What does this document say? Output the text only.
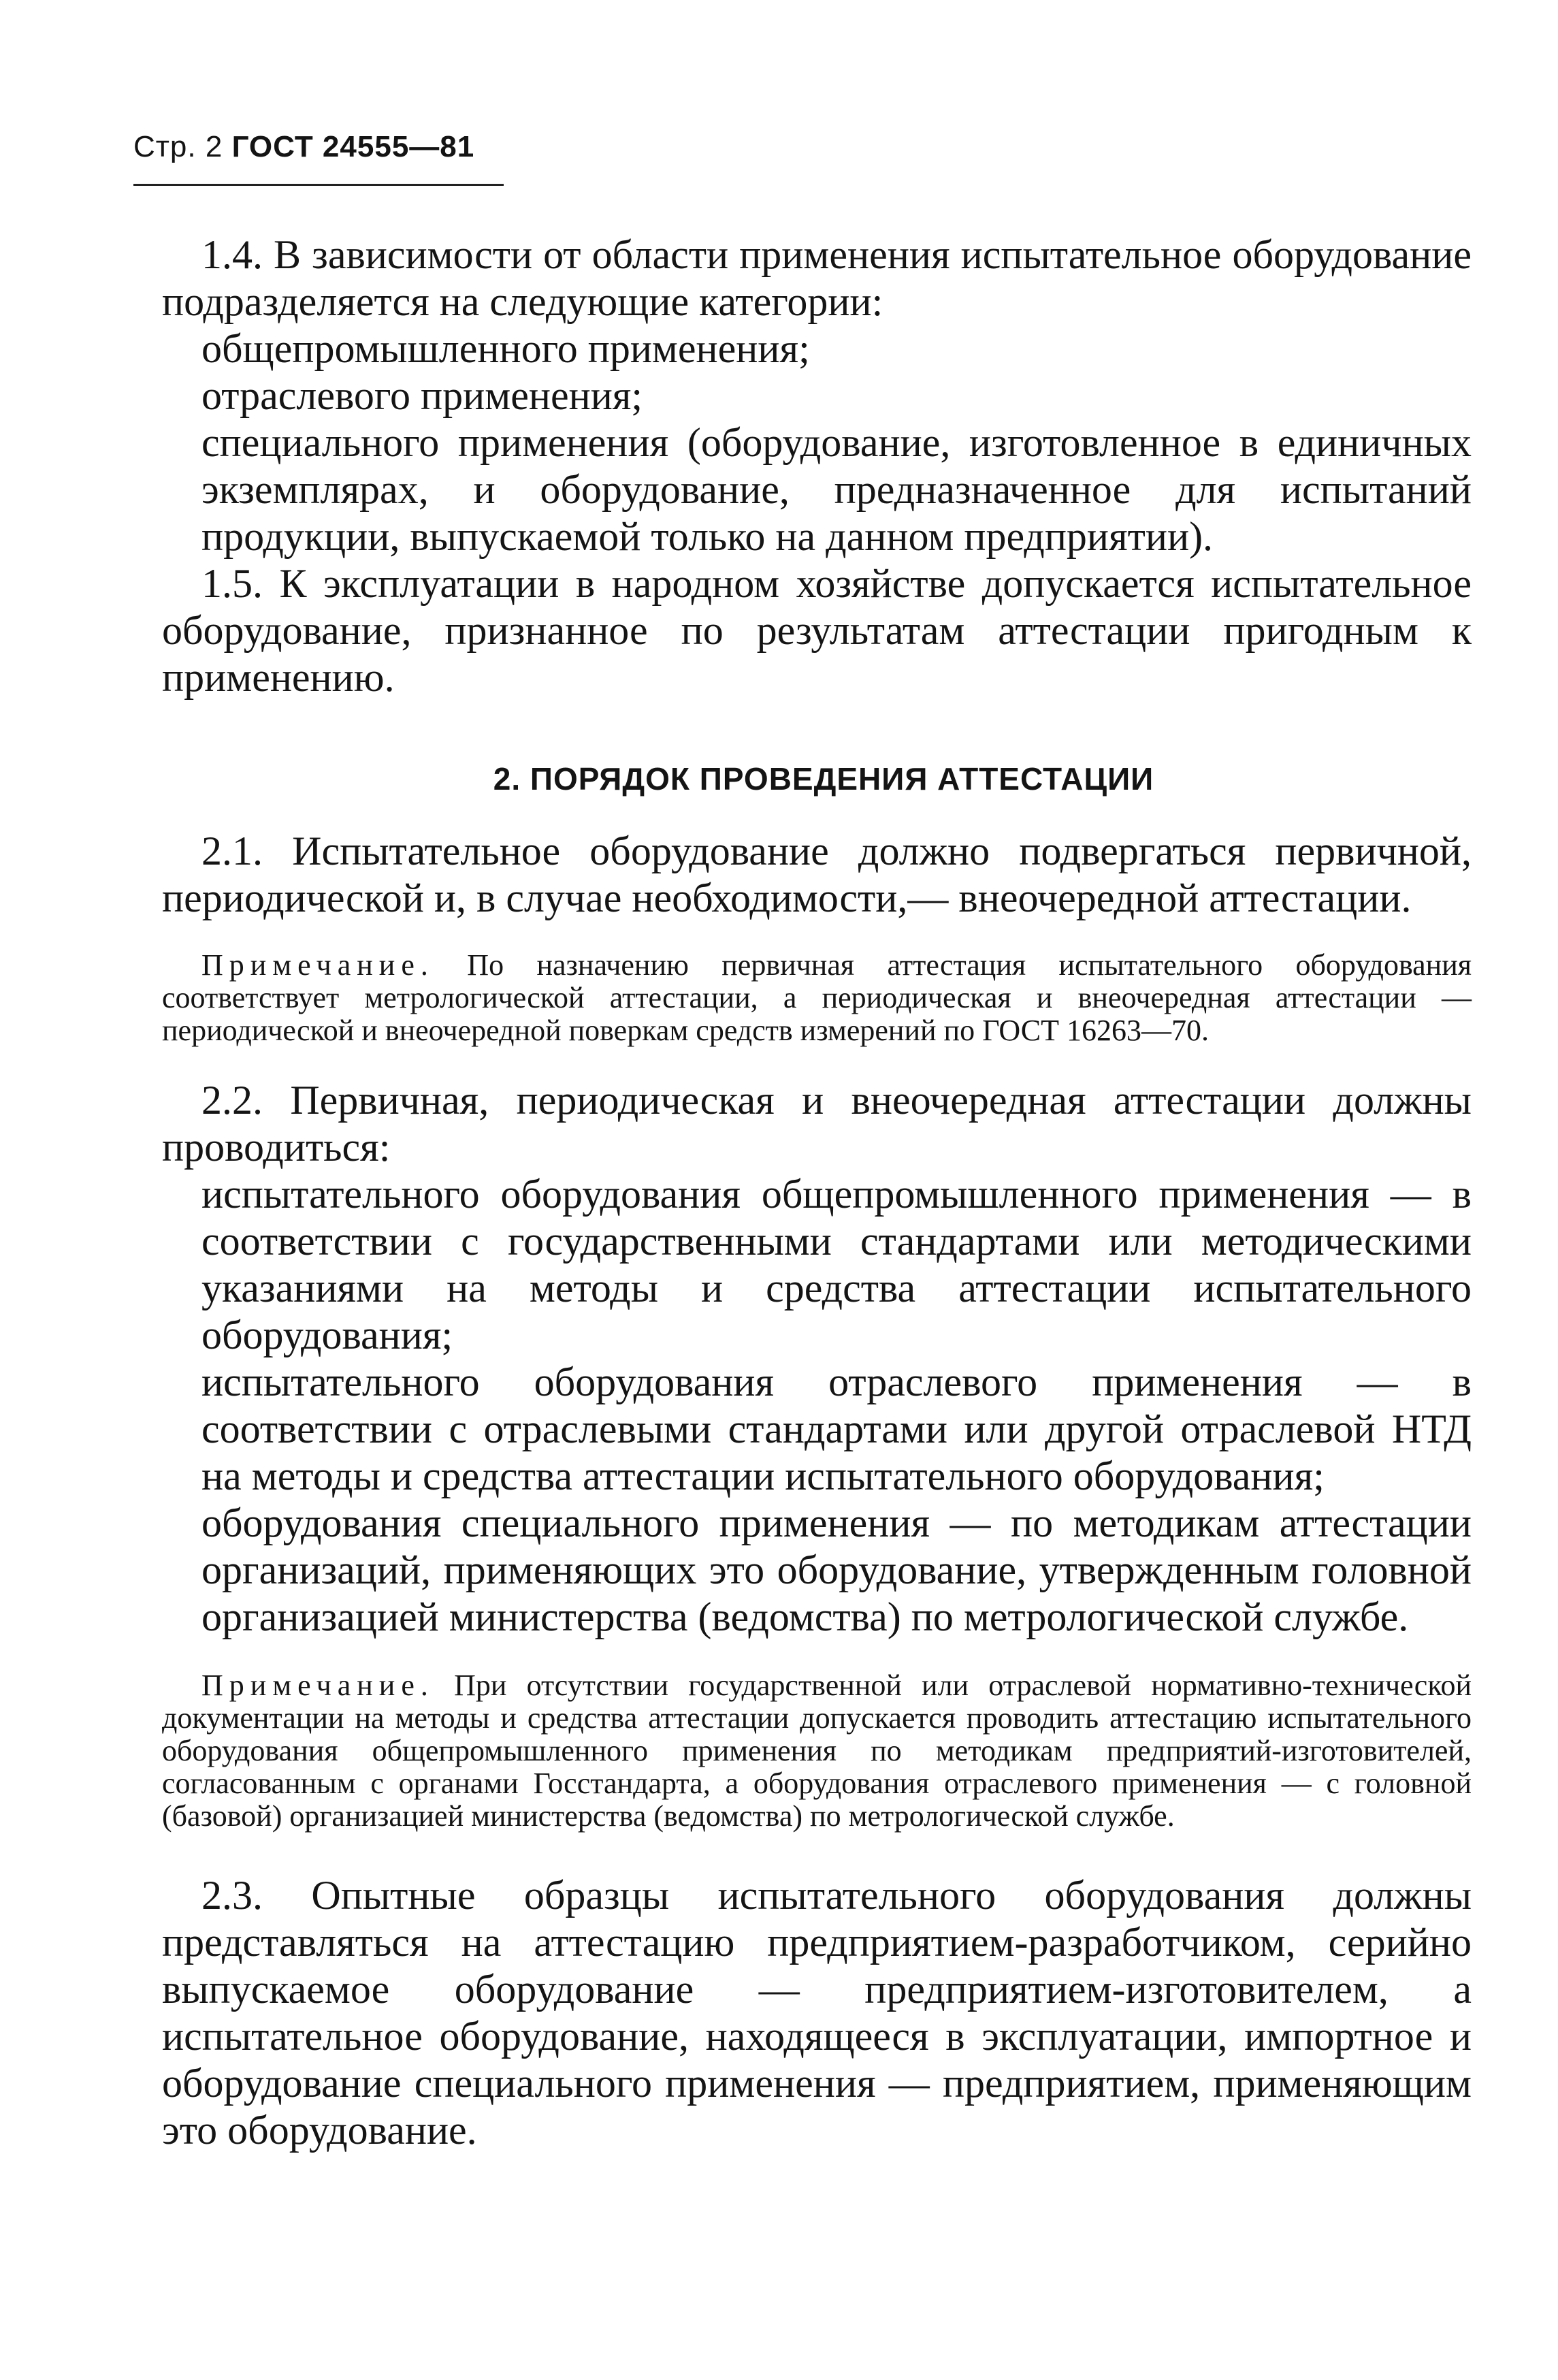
Стр. 2 ГОСТ 24555—81

1.4. В зависимости от области применения испытательное оборудование подразделяется на следующие категории:

общепромышленного применения;

отраслевого применения;

специального применения (оборудование, изготовленное в единичных экземплярах, и оборудование, предназначенное для испытаний продукции, выпускаемой только на данном предприятии).

1.5. К эксплуатации в народном хозяйстве допускается испытательное оборудование, признанное по результатам аттестации пригодным к применению.

2. ПОРЯДОК ПРОВЕДЕНИЯ АТТЕСТАЦИИ

2.1. Испытательное оборудование должно подвергаться первичной, периодической и, в случае необходимости,— внеочередной аттестации.

Примечание. По назначению первичная аттестация испытательного оборудования соответствует метрологической аттестации, а периодическая и внеочередная аттестации — периодической и внеочередной поверкам средств измерений по ГОСТ 16263—70.

2.2. Первичная, периодическая и внеочередная аттестации должны проводиться:

испытательного оборудования общепромышленного применения — в соответствии с государственными стандартами или методическими указаниями на методы и средства аттестации испытательного оборудования;

испытательного оборудования отраслевого применения — в соответствии с отраслевыми стандартами или другой отраслевой НТД на методы и средства аттестации испытательного оборудования;

оборудования специального применения — по методикам аттестации организаций, применяющих это оборудование, утвержденным головной организацией министерства (ведомства) по метрологической службе.

Примечание. При отсутствии государственной или отраслевой нормативно-технической документации на методы и средства аттестации допускается проводить аттестацию испытательного оборудования общепромышленного применения по методикам предприятий-изготовителей, согласованным с органами Госстандарта, а оборудования отраслевого применения — с головной (базовой) организацией министерства (ведомства) по метрологической службе.

2.3. Опытные образцы испытательного оборудования должны представляться на аттестацию предприятием-разработчиком, серийно выпускаемое оборудование — предприятием-изготовителем, а испытательное оборудование, находящееся в эксплуатации, импортное и оборудование специального применения — предприятием, применяющим это оборудование.
